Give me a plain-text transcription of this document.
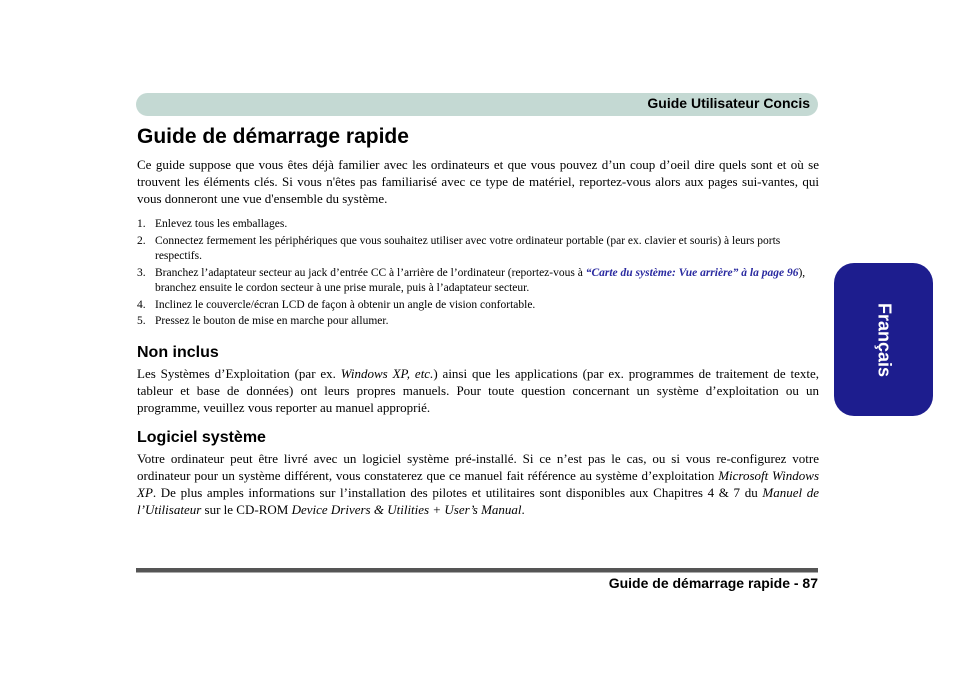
Guide Utilisateur Concis
Français
Guide de démarrage rapide

Ce guide suppose que vous êtes déjà familier avec les ordinateurs et que vous pouvez d’un coup d’oeil dire quels sont et où se trouvent les éléments clés. Si vous n'êtes pas familiarisé avec ce type de matériel, reportez-vous alors aux pages sui-vantes, qui vous donneront une vue d'ensemble du système.

1. Enlevez tous les emballages.
2. Connectez fermement les périphériques que vous souhaitez utiliser avec votre ordinateur portable (par ex. clavier et souris) à leurs ports respectifs.
3. Branchez l’adaptateur secteur au jack d’entrée CC à l’arrière de l’ordinateur (reportez-vous à “Carte du système: Vue arrière” à la page 96), branchez ensuite le cordon secteur à une prise murale, puis à l’adaptateur secteur.
4. Inclinez le couvercle/écran LCD de façon à obtenir un angle de vision confortable.
5. Pressez le bouton de mise en marche pour allumer.
Non inclus

Les Systèmes d’Exploitation (par ex. Windows XP, etc.) ainsi que les applications (par ex. programmes de traitement de texte, tableur et base de données) ont leurs propres manuels. Pour toute question concernant un système d’exploitation ou un programme, veuillez vous reporter au manuel approprié.

Logiciel système

Votre ordinateur peut être livré avec un logiciel système pré-installé. Si ce n’est pas le cas, ou si vous re-configurez votre ordinateur pour un système différent, vous constaterez que ce manuel fait référence au système d’exploitation Microsoft Windows XP. De plus amples informations sur l’installation des pilotes et utilitaires sont disponibles aux Chapitres 4 & 7 du Manuel de l’Utilisateur sur le CD-ROM Device Drivers & Utilities + User’s Manual.

Guide de démarrage rapide - 87
